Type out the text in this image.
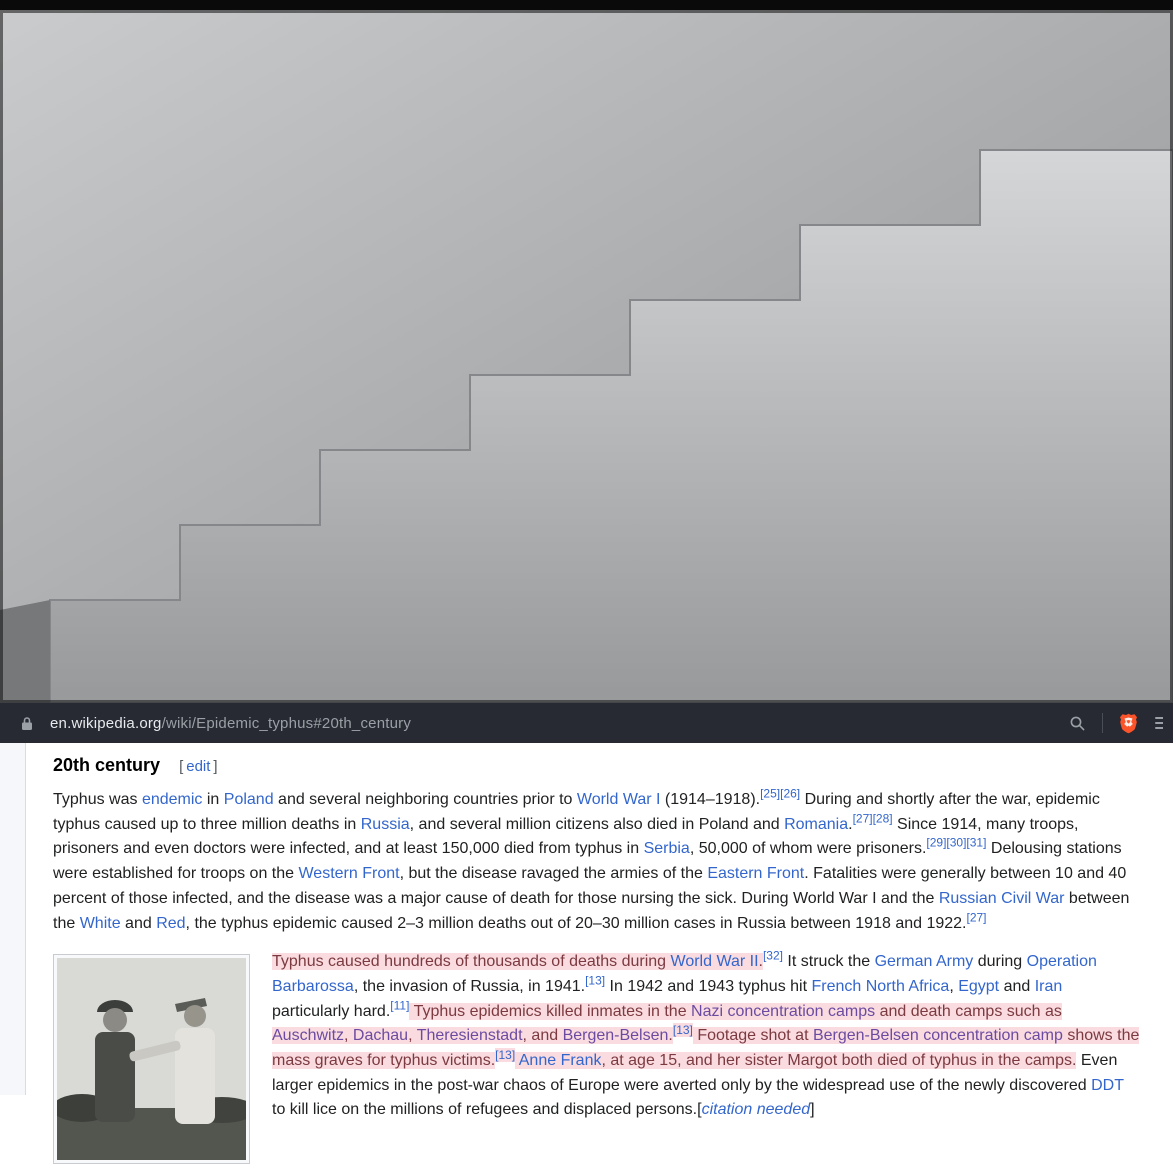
en.wikipedia.org/wiki/Epidemic_typhus#20th_century
20th century [ edit ]

Typhus was endemic in Poland and several neighboring countries prior to World War I (1914–1918).[25][26] During and shortly after the war, epidemic typhus caused up to three million deaths in Russia, and several million citizens also died in Poland and Romania.[27][28] Since 1914, many troops, prisoners and even doctors were infected, and at least 150,000 died from typhus in Serbia, 50,000 of whom were prisoners.[29][30][31] Delousing stations were established for troops on the Western Front, but the disease ravaged the armies of the Eastern Front. Fatalities were generally between 10 and 40 percent of those infected, and the disease was a major cause of death for those nursing the sick. During World War I and the Russian Civil War between the White and Red, the typhus epidemic caused 2–3 million deaths out of 20–30 million cases in Russia between 1918 and 1922.[27]

Typhus caused hundreds of thousands of deaths during World War II.[32] It struck the German Army during Operation Barbarossa, the invasion of Russia, in 1941.[13] In 1942 and 1943 typhus hit French North Africa, Egypt and Iran particularly hard.[11] Typhus epidemics killed inmates in the Nazi concentration camps and death camps such as Auschwitz, Dachau, Theresienstadt, and Bergen-Belsen.[13] Footage shot at Bergen-Belsen concentration camp shows the mass graves for typhus victims.[13] Anne Frank, at age 15, and her sister Margot both died of typhus in the camps. Even larger epidemics in the post-war chaos of Europe were averted only by the widespread use of the newly discovered DDT to kill lice on the millions of refugees and displaced persons.[citation needed]
